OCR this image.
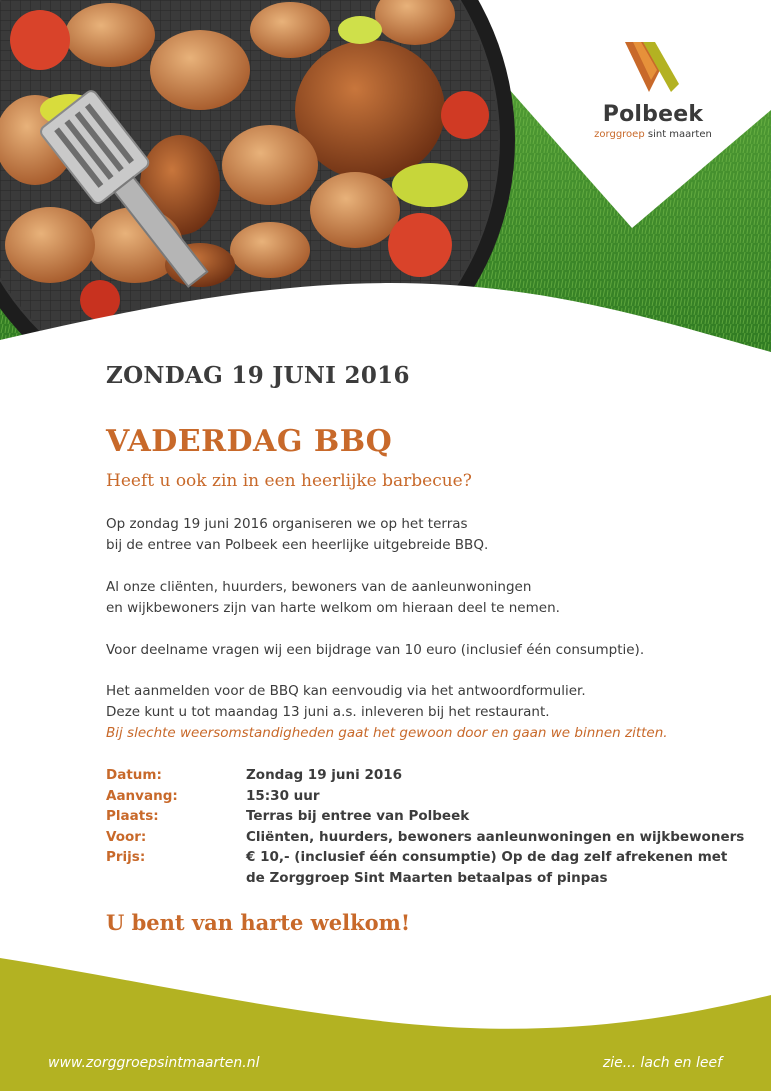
Polbeek
zorggroep sint maarten
ZONDAG 19 JUNI 2016
VADERDAG BBQ

Heeft u ook zin in een heerlijke barbecue?

Op zondag 19 juni 2016 organiseren we op het terras
bij de entree van Polbeek een heerlijke uitgebreide BBQ.
Al onze cliënten, huurders, bewoners van de aanleunwoningen
en wijkbewoners zijn van harte welkom om hieraan deel te nemen.
Voor deelname vragen wij een bijdrage van 10 euro (inclusief één consumptie).
Het aanmelden voor de BBQ kan eenvoudig via het antwoordformulier.
Deze kunt u tot maandag 13 juni a.s. inleveren bij het restaurant.
Bij slechte weersomstandigheden gaat het gewoon door en gaan we binnen zitten.
Datum:	Zondag 19 juni 2016
Aanvang:	15:30 uur
Plaats:	Terras bij entree van Polbeek
Voor:	Cliënten, huurders, bewoners aanleunwoningen en wijkbewoners
Prijs:	€ 10,- (inclusief één consumptie) Op de dag zelf afrekenen met
de Zorggroep Sint Maarten betaalpas of pinpas

U bent van harte welkom!

www.zorggroepsintmaarten.nl	zie... lach en leef
